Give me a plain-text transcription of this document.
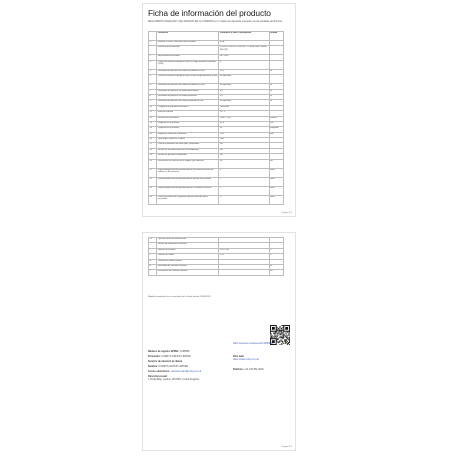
Ficha de información del producto
REGLAMENTO DELEGADO (UE) 2019/2013 DE LA COMISIÓN en lo relativo al etiquetado energético de las pantallas electrónicas
	Parámetro	Parámetro o valor o pictograma	Unidad
1	Nombre o marca comercial del proveedor	ECA	
	Dirección del proveedor	CURRYS GROUP LIMITED, 1 Portal Way, London, W3 6RS	
2	Identificador del modelo	HC-1300	
3	Clase de eficiencia energética para el rango dinámico estándar (SDR)	E	
4	Demanda de potencia en modo encendido en SDR	11,0	W
5	Clase de eficiencia energética para el alto rango dinámico (HDR)	no aplicable	
6	Demanda de potencia en modo encendido en HDR	no aplicable	W
7	Demanda de potencia en modo desactivado	0,0	W
8	Demanda de potencia en modo preparado	0,5	W
9	Demanda de potencia en modo preparado en red	no aplicable	W
10	Categoría de pantalla electrónica	Televisión	
11	Ratio de tamaño	16 : 9	
12	Resolución de pantalla	1366 × 768	píxeles
13	Diagonal de la pantalla	61,0	cm
14	Diagonal de la pantalla	24	pulgadas
15	Superficie visible de la pantalla	15,9	dm²
16	Tecnología usada en el panel	LED	
17	Control automático de brillo (ABC) disponible	NO	
18	Sensor de reconocimiento de voz disponible	NO	
19	Sensor de presencia disponible	NO	
20	Frecuencia de refresco de la imagen (por defecto)	60	Hz
21	Disponibilidad mínima garantizada de las actualizaciones de software y de firmware	4	años
22	Disponibilidad mínima garantizada de piezas de recambio	7	años
23	Disponibilidad mínima garantizada de la asistencia técnica	7	años
24	Duración mínima de la garantía general ofrecida por el proveedor	1	años
Página 1/2
25	Tipo de fuente de alimentación		
	Fuente de alimentación externa		
i	Tensión de entrada	100 - 240	V
ii	Tensión de salida	12,0	V
iii	Tensión de salida nominal		
iv	Intensidad de corriente nominal		A
v	Frecuencia de corriente nominal		Hz
Modelo introducido en el mercado de la Unión desde 25/03/2021
Número de registro EPREL: 1005658
Proveedor: CURRYS GROUP LIMITED
Servicio de atención al cliente
Nombre: CURRYS GROUP LIMITED
Correo electrónico: customer.care@currys.co.uk
Dirección postal:
1 Portal Way, London, W3 6RS, United Kingdom
https://eprel.ec.europa.eu/qr/1005658
Sitio web:
https://www.currys.co.uk
Teléfono: +44 344 561 0000
Página 2/2
